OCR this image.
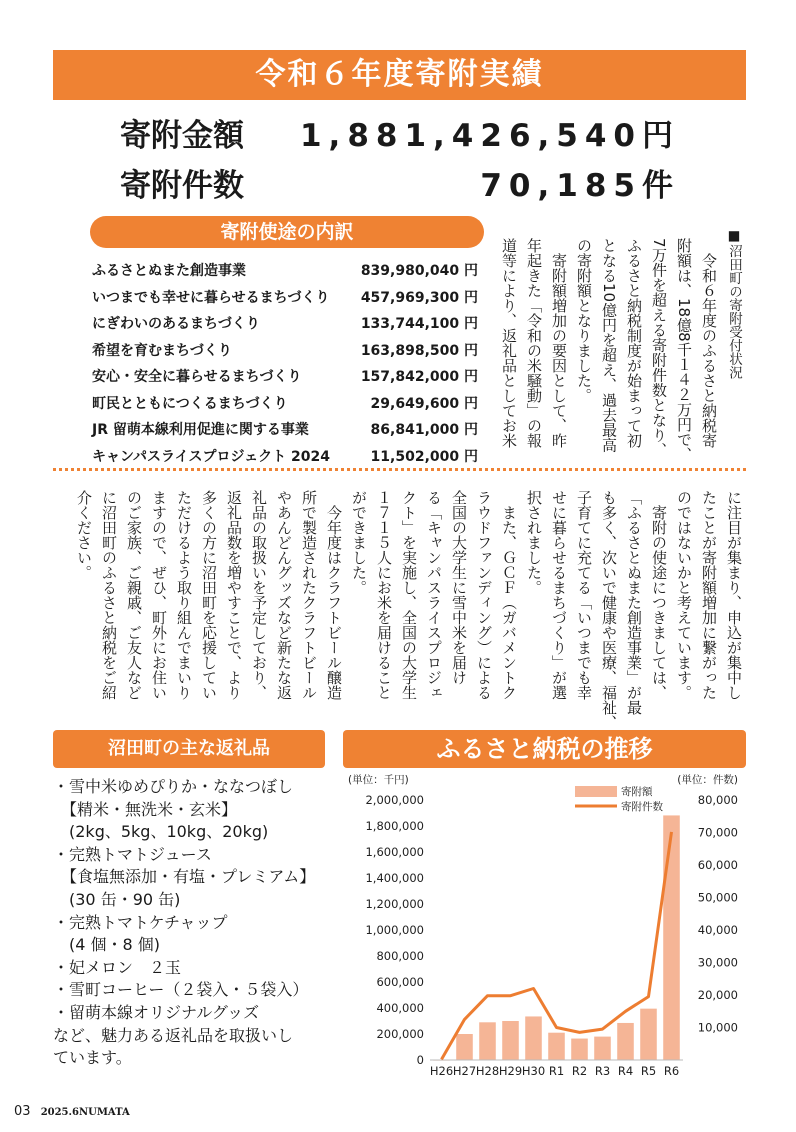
令和６年度寄附実績
寄附金額 1,881,426,540円
寄附件数	70,185件
寄附使途の内訳
ふるさとぬまた創造事業	839,980,040 円
いつまでも幸せに暮らせるまちづくり 457,969,300 円
にぎわいのあるまちづくり	133,744,100 円
希望を育むまちづくり	163,898,500 円
安心・安全に暮らせるまちづくり	157,842,000 円
町民とともにつくるまちづくり	29,649,600 円
JR 留萌本線利用促進に関する事業	86,841,000 円
キャンパスライスプロジェクト 2024	11,502,000 円
■沼田町の寄附受付状況
　令和６年度のふるさと納税寄
附額は、18億8千１４２万円で、
7万件を超える寄附件数となり、
ふるさと納税制度が始まって初
となる10億円を超え、過去最高
の寄附額となりました。
　寄附額増加の要因として、昨
年起きた「令和の米騒動」の報
道等により、返礼品としてお米
に注目が集まり、申込が集中し
たことが寄附額増加に繋がった
のではないかと考えています。
　寄附の使途につきましては、
「ふるさとぬまた創造事業」が最
も多く、次いで健康や医療、福祉、
子育てに充てる「いつまでも幸
せに暮らせるまちづくり」が選
択されました。
　また、ＧＣＦ（ガバメントク
ラウドファンディング）による
全国の大学生に雪中米を届け
る「キャンパスライスプロジェ
クト」を実施し、全国の大学生
１７１５人にお米を届けること
ができました。
　今年度はクラフトビール醸造
所で製造されたクラフトビール
やあんどんグッズなど新たな返
礼品の取扱いを予定しており、
返礼品数を増やすことで、より
多くの方に沼田町を応援してい
ただけるよう取り組んでまいり
ますので、ぜひ、町外にお住い
のご家族、ご親戚、ご友人など
に沼田町のふるさと納税をご紹
介ください。
沼田町の主な返礼品
・雪中米ゆめぴりか・ななつぼし
　【精米・無洗米・玄米】
　(2kg、5kg、10kg、20kg)
・完熟トマトジュース
　【食塩無添加・有塩・プレミアム】
　(30 缶・90 缶)
・完熟トマトケチャップ
　(4 個・8 個)
・妃メロン　２玉
・雪町コーヒー（２袋入・５袋入）
・留萌本線オリジナルグッズ
など、魅力ある返礼品を取扱いし
ています。
ふるさと納税の推移
(単位：千円)	(単位：件数)
2,000,000
1,800,000
1,600,000
1,400,000
1,200,000
1,000,000
800,000
600,000
400,000
200,000
0
80,000
70,000
60,000
50,000
40,000
30,000
20,000
10,000
H26 H27 H28 H29 H30 R1 R2 R3 R4 R5 R6
寄附額
寄附件数
03 2025.6NUMATA
